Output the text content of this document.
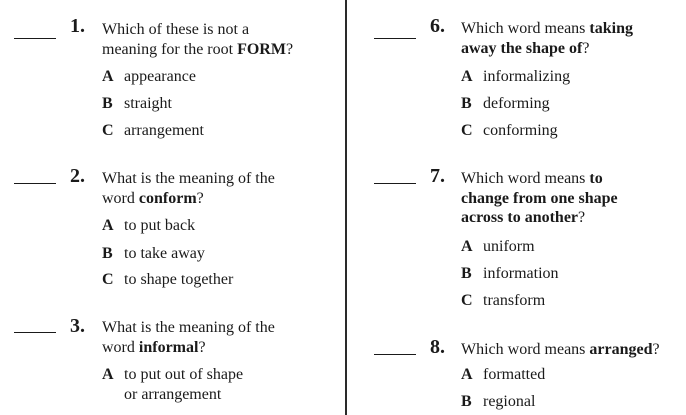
1. Which of these is not a
meaning for the root FORM?
A appearance
B straight
C arrangement
2. What is the meaning of the
word conform?
A to put back
B to take away
C to shape together
3. What is the meaning of the
word informal?
A to put out of shape
or arrangement
6. Which word means taking
away the shape of?
A informalizing
B deforming
C conforming
7. Which word means to
change from one shape
across to another?
A uniform
B information
C transform
8. Which word means arranged?
A formatted
B regional
